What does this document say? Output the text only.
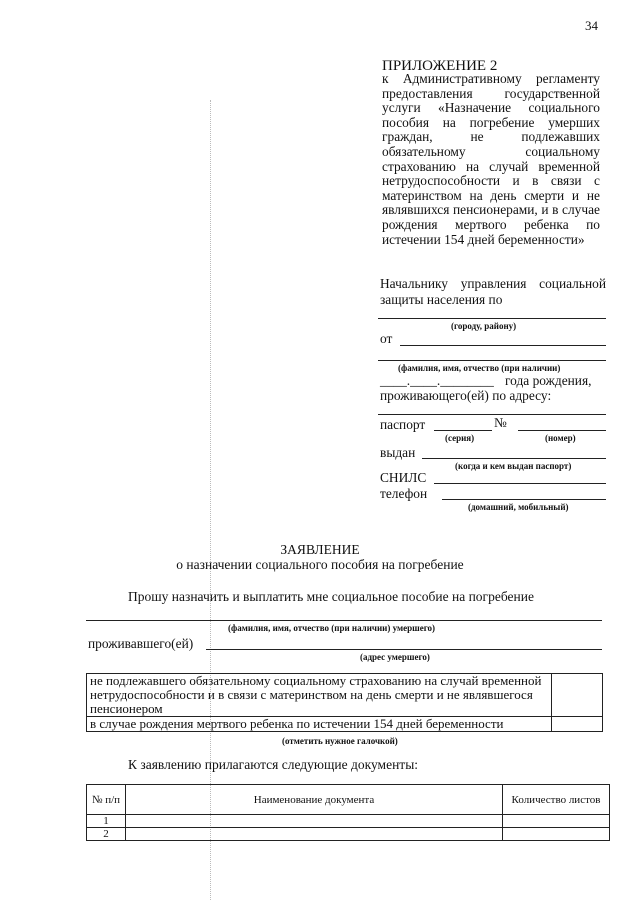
34
ПРИЛОЖЕНИЕ 2
к Административному регламенту предоставления государственной услуги «Назначение социального пособия на погребение умерших граждан, не подлежавших обязательному социальному страхованию на случай временной нетрудоспособности и в связи с материнством на день смерти и не являвшихся пенсионерами, и в случае рождения мертвого ребенка по истечении 154 дней беременности»
Начальнику управления социальной защиты населения по
(городу, району)
от
(фамилия, имя, отчество (при наличии)
____.____.________ года рождения,
проживающего(ей) по адресу:
паспорт	№
(серия)	(номер)
выдан
(когда и кем выдан паспорт)
СНИЛС
телефон
(домашний, мобильный)
ЗАЯВЛЕНИЕ
о назначении социального пособия на погребение
Прошу назначить и выплатить мне социальное пособие на погребение
(фамилия, имя, отчество (при наличии) умершего)
проживавшего(ей)
(адрес умершего)
не подлежавшего обязательному социальному страхованию на случай временной нетрудоспособности и в связи с материнством на день смерти и не являвшегося пенсионером	
в случае рождения мертвого ребенка по истечении 154 дней беременности	
(отметить нужное галочкой)
К заявлению прилагаются следующие документы:
№ п/п	Наименование документа	Количество листов
1		
2		
